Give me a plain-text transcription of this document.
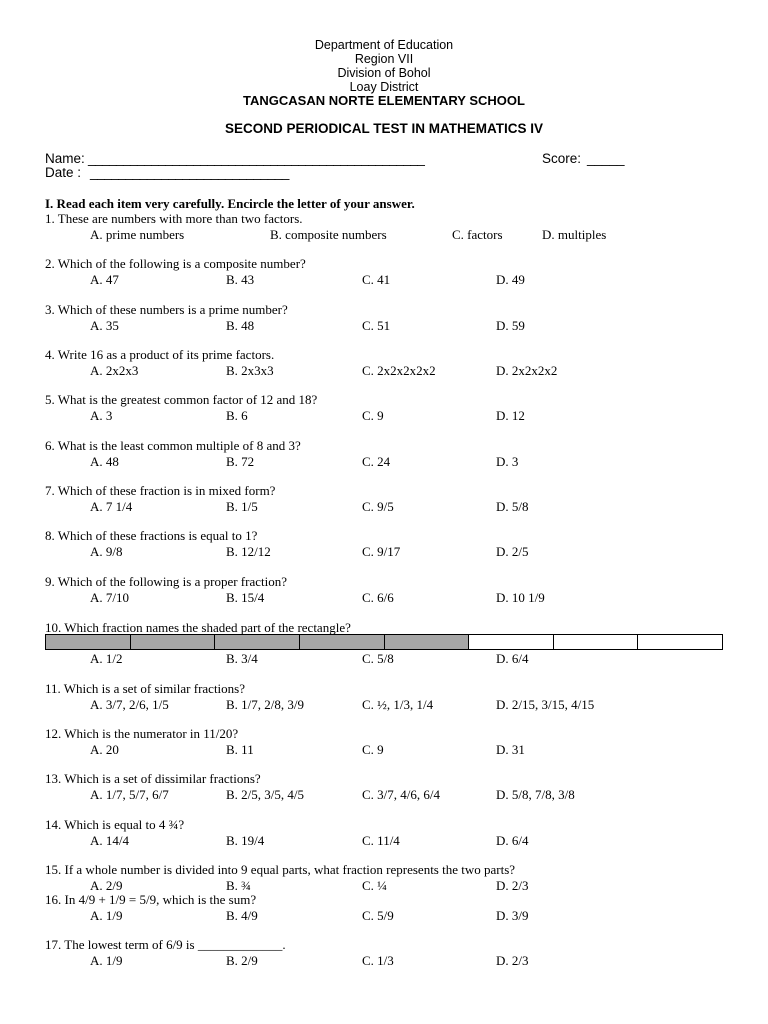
Department of Education
Region VII
Division of Bohol
Loay District
TANGCASAN NORTE ELEMENTARY SCHOOL
SECOND PERIODICAL TEST IN MATHEMATICS IV
Name: ________________________________________________	Score: _____
Date : ____________________________
I. Read each item very carefully. Encircle the letter of your answer.
1. These are numbers with more than two factors.
A. prime numbers	B. composite numbers	C. factors	D. multiples
2. Which of the following is a composite number?
A. 47	B. 43	C. 41	D. 49
3. Which of these numbers is a prime number?
A. 35	B. 48	C. 51	D. 59
4. Write 16 as a product of its prime factors.
A. 2x2x3	B. 2x3x3	C. 2x2x2x2x2	D. 2x2x2x2
5. What is the greatest common factor of 12 and 18?
A. 3	B. 6	C. 9	D. 12
6. What is the least common multiple of 8 and 3?
A. 48	B. 72	C. 24	D. 3
7. Which of these fraction is in mixed form?
A. 7 1/4	B. 1/5	C. 9/5	D. 5/8
8. Which of these fractions is equal to 1?
A. 9/8	B. 12/12	C. 9/17	D. 2/5
9. Which of the following is a proper fraction?
A. 7/10	B. 15/4	C. 6/6	D. 10 1/9
10. Which fraction names the shaded part of the rectangle?
A. 1/2	B. 3/4	C. 5/8	D. 6/4
11. Which is a set of similar fractions?
A. 3/7, 2/6, 1/5	B. 1/7, 2/8, 3/9	C. ½, 1/3, 1/4	D. 2/15, 3/15, 4/15
12. Which is the numerator in 11/20?
A. 20	B. 11	C. 9	D. 31
13. Which is a set of dissimilar fractions?
A. 1/7, 5/7, 6/7	B. 2/5, 3/5, 4/5	C. 3/7, 4/6, 6/4	D. 5/8, 7/8, 3/8
14. Which is equal to 4 ¾?
A. 14/4	B. 19/4	C. 11/4	D. 6/4
15. If a whole number is divided into 9 equal parts, what fraction represents the two parts?
A. 2/9	B. ¾	C. ¼	D. 2/3
16. In 4/9 + 1/9 = 5/9, which is the sum?
A. 1/9	B. 4/9	C. 5/9	D. 3/9
17. The lowest term of 6/9 is _____________.
A. 1/9	B. 2/9	C. 1/3	D. 2/3
